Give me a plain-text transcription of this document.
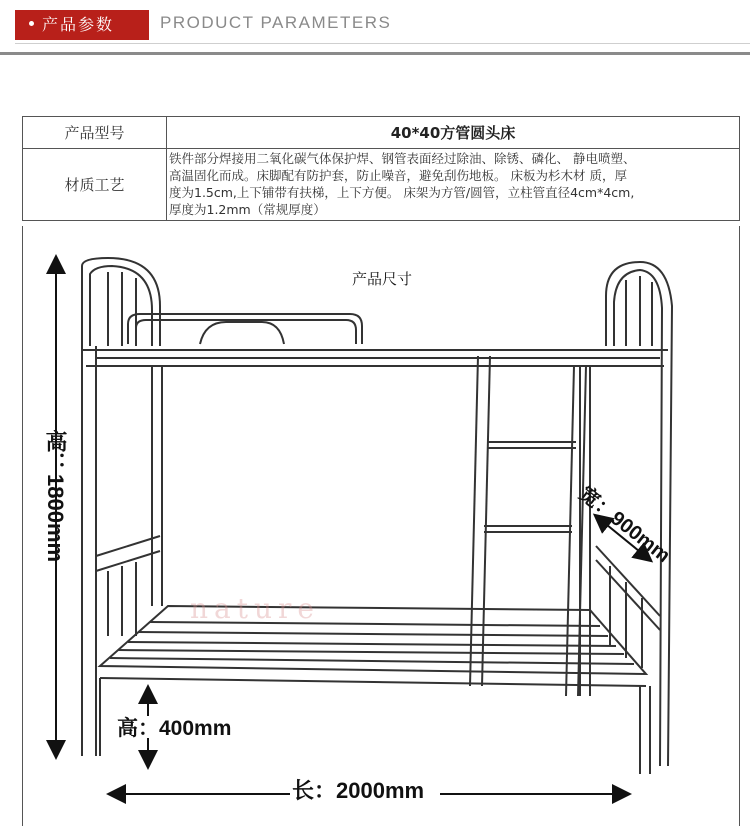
产品参数	PRODUCT PARAMETERS
产品型号	40*40方管圆头床
材质工艺	铁件部分焊接用二氧化碳气体保护焊、钢管表面经过除油、除锈、磷化、 静电喷塑、
高温固化而成。床脚配有防护套，防止噪音，避免刮伤地板。 床板为杉木材 质，厚
度为1.5cm,上下铺带有扶梯，上下方便。 床架为方管/圆管，立柱管直径4cm*4cm,
厚度为1.2mm（常规厚度）
产品尺寸
高：1800mm	宽：900mm
长：2000mm
高：400mm
nature
